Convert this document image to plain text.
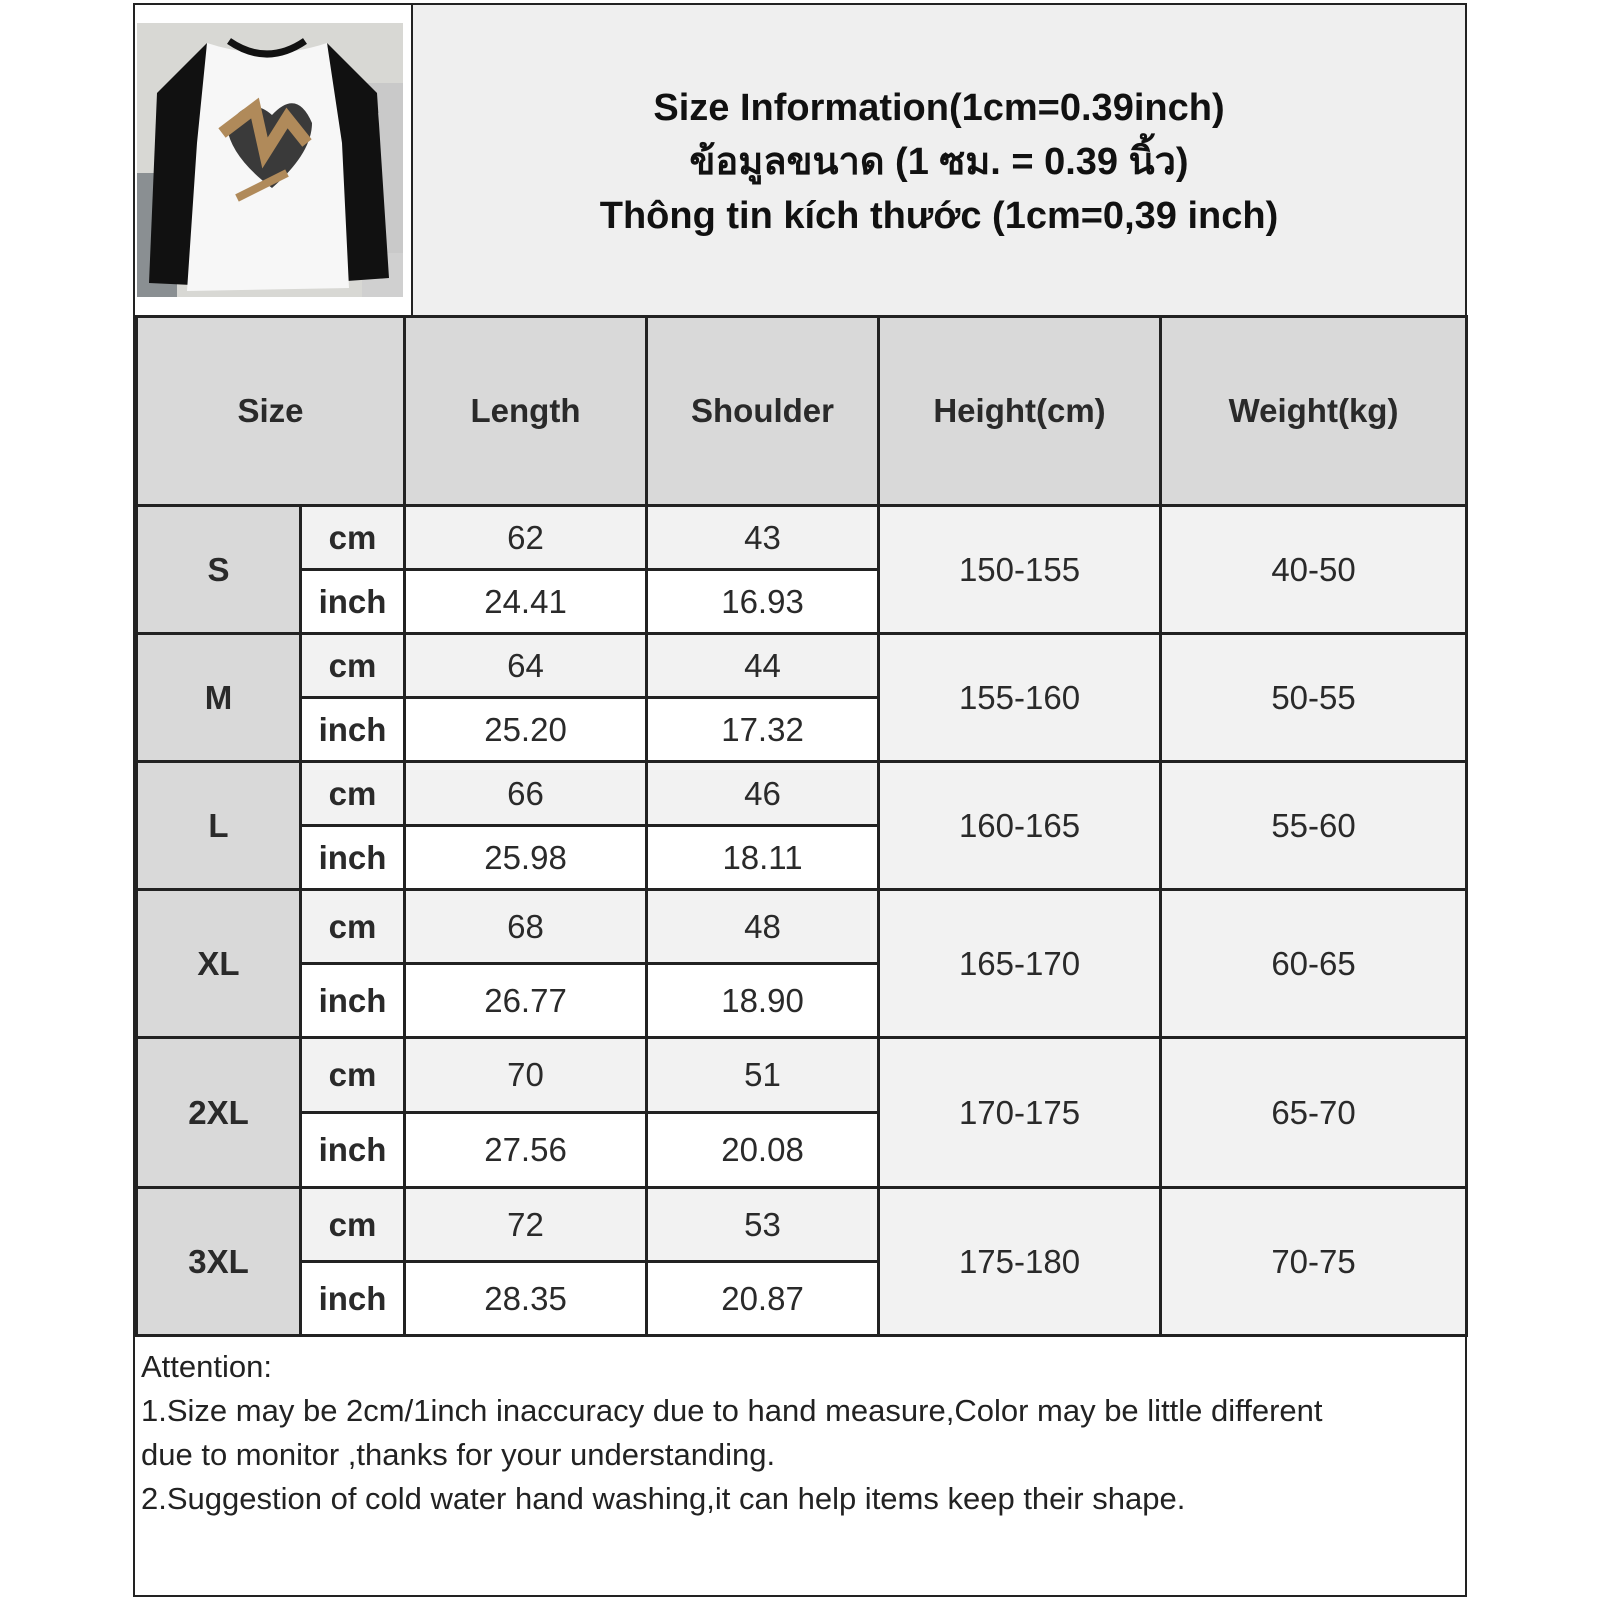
Size Information(1cm=0.39inch)
ข้อมูลขนาด (1 ซม. = 0.39 นิ้ว)
Thông tin kích thước (1cm=0,39 inch)
Size		Length	Shoulder	Height(cm)	Weight(kg)
S	cm	62	43	150-155	40-50
	inch	24.41	16.93		
M	cm	64	44	155-160	50-55
	inch	25.20	17.32		
L	cm	66	46	160-165	55-60
	inch	25.98	18.11		
XL	cm	68	48	165-170	60-65
	inch	26.77	18.90		
2XL	cm	70	51	170-175	65-70
	inch	27.56	20.08		
3XL	cm	72	53	175-180	70-75
	inch	28.35	20.87		
Attention:
1.Size may be 2cm/1inch inaccuracy due to hand measure,Color may be little different
due to monitor ,thanks for your understanding.
2.Suggestion of cold water hand washing,it can help items keep their shape.
